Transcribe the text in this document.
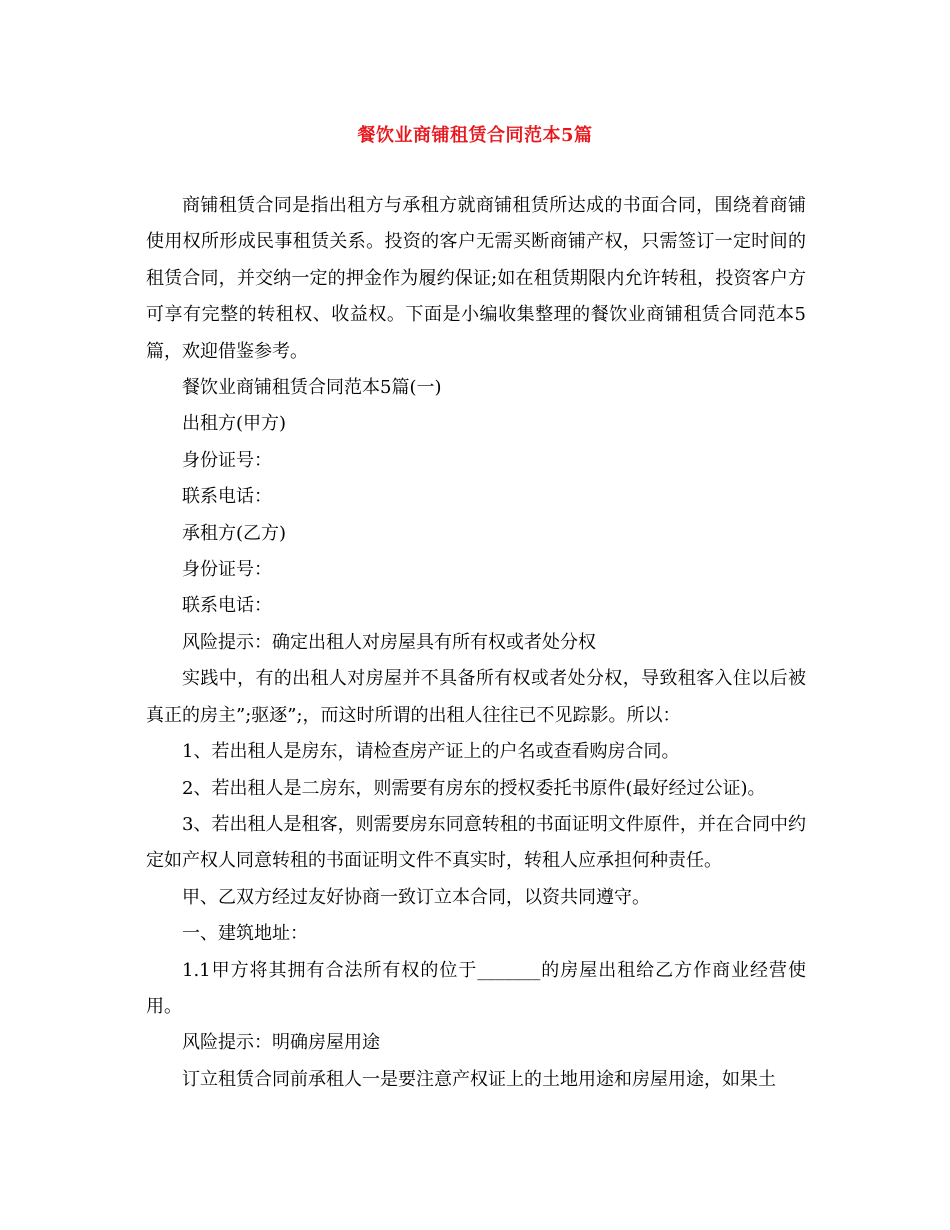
餐饮业商铺租赁合同范本5篇

商铺租赁合同是指出租方与承租方就商铺租赁所达成的书面合同，围绕着商铺使用权所形成民事租赁关系。投资的客户无需买断商铺产权，只需签订一定时间的租赁合同，并交纳一定的押金作为履约保证;如在租赁期限内允许转租，投资客户方可享有完整的转租权、收益权。下面是小编收集整理的餐饮业商铺租赁合同范本5篇，欢迎借鉴参考。

餐饮业商铺租赁合同范本5篇(一)

出租方(甲方)

身份证号：

联系电话：

承租方(乙方)

身份证号：

联系电话：

风险提示：确定出租人对房屋具有所有权或者处分权

实践中，有的出租人对房屋并不具备所有权或者处分权，导致租客入住以后被真正的房主”;驱逐”;，而这时所谓的出租人往往已不见踪影。所以：

1、若出租人是房东，请检查房产证上的户名或查看购房合同。

2、若出租人是二房东，则需要有房东的授权委托书原件(最好经过公证)。

3、若出租人是租客，则需要房东同意转租的书面证明文件原件，并在合同中约定如产权人同意转租的书面证明文件不真实时，转租人应承担何种责任。

甲、乙双方经过友好协商一致订立本合同，以资共同遵守。

一、建筑地址：

1.1甲方将其拥有合法所有权的位于_______的房屋出租给乙方作商业经营使用。

风险提示：明确房屋用途

订立租赁合同前承租人一是要注意产权证上的土地用途和房屋用途，如果土
